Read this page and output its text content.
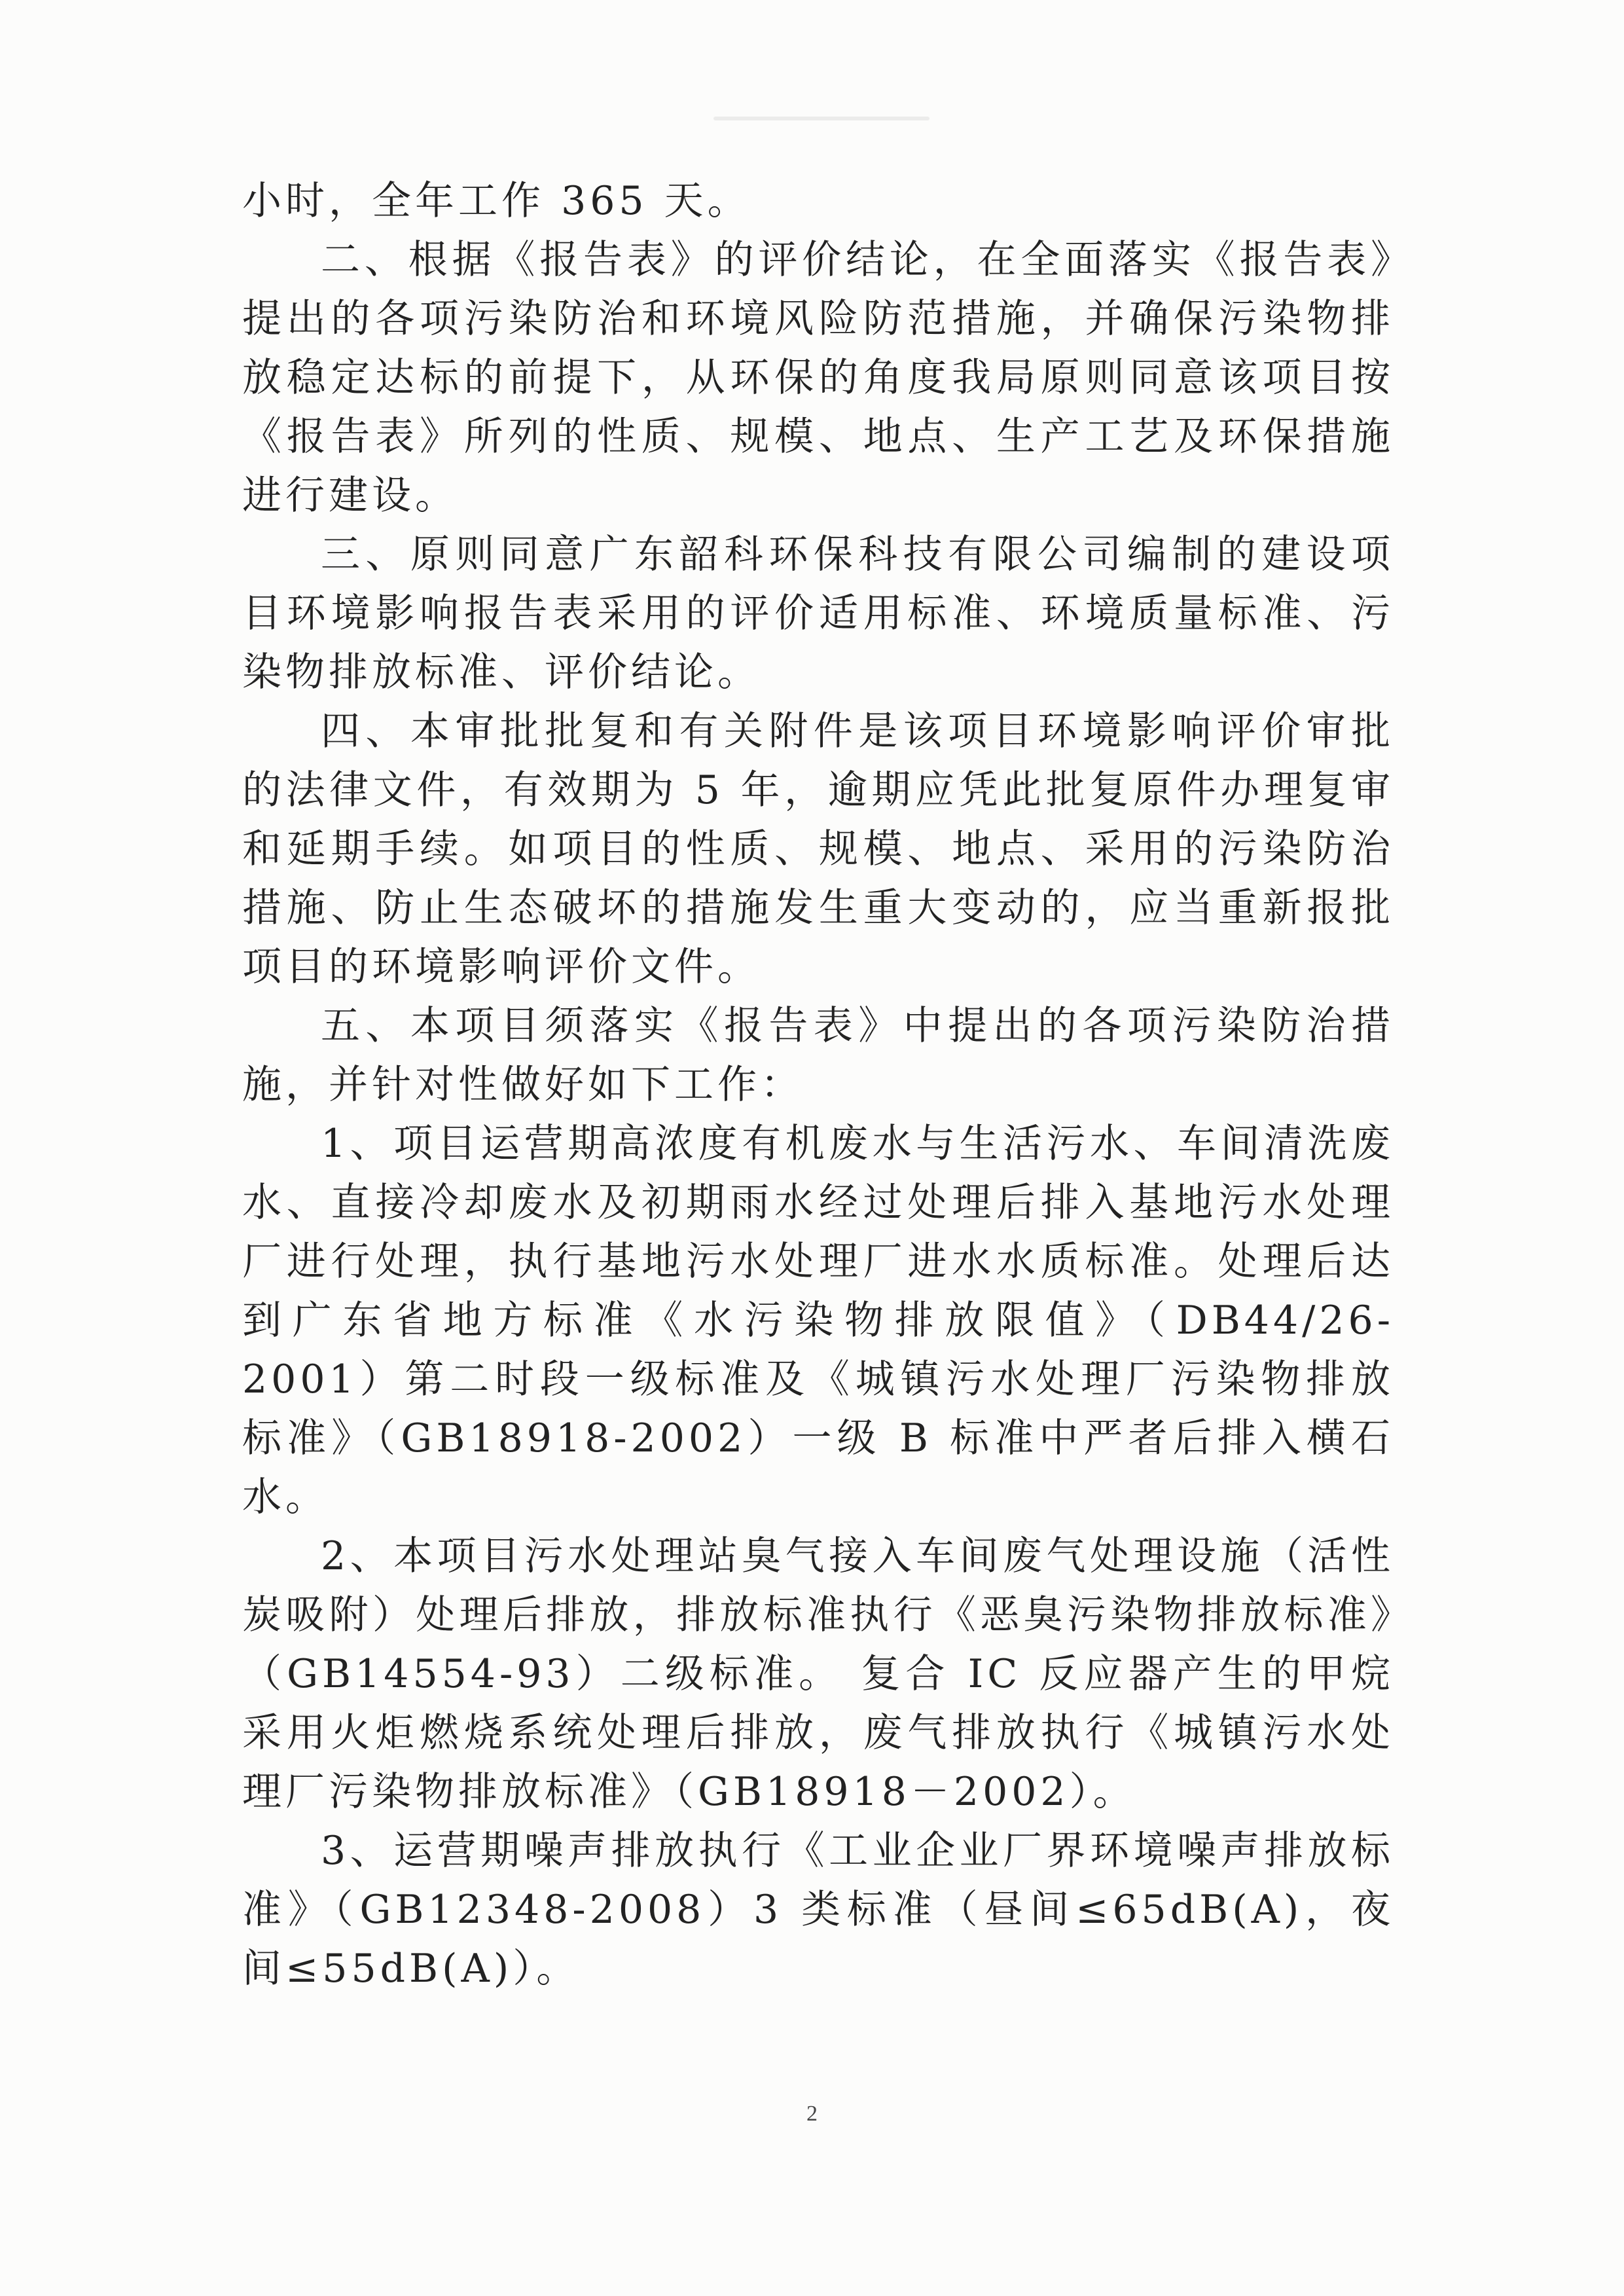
小时，全年工作 365 天。

二、根据《报告表》的评价结论，在全面落实《报告表》提出的各项污染防治和环境风险防范措施，并确保污染物排放稳定达标的前提下，从环保的角度我局原则同意该项目按《报告表》所列的性质、规模、地点、生产工艺及环保措施进行建设。

三、原则同意广东韶科环保科技有限公司编制的建设项目环境影响报告表采用的评价适用标准、环境质量标准、污染物排放标准、评价结论。

四、本审批批复和有关附件是该项目环境影响评价审批的法律文件，有效期为 5 年，逾期应凭此批复原件办理复审和延期手续。如项目的性质、规模、地点、采用的污染防治措施、防止生态破坏的措施发生重大变动的，应当重新报批项目的环境影响评价文件。

五、本项目须落实《报告表》中提出的各项污染防治措施，并针对性做好如下工作：

1、项目运营期高浓度有机废水与生活污水、车间清洗废水、直接冷却废水及初期雨水经过处理后排入基地污水处理厂进行处理，执行基地污水处理厂进水水质标准。处理后达到广东省地方标准《水污染物排放限值》（DB44/26-2001）第二时段一级标准及《城镇污水处理厂污染物排放标准》（GB18918-2002）一级 B 标准中严者后排入横石水。

2、本项目污水处理站臭气接入车间废气处理设施（活性炭吸附）处理后排放，排放标准执行《恶臭污染物排放标准》（GB14554-93）二级标准。 复合 IC 反应器产生的甲烷采用火炬燃烧系统处理后排放，废气排放执行《城镇污水处理厂污染物排放标准》（GB18918－2002）。

3、运营期噪声排放执行《工业企业厂界环境噪声排放标准》（GB12348-2008）3 类标准（昼间≤65dB(A)，夜间≤55dB(A)）。

2
